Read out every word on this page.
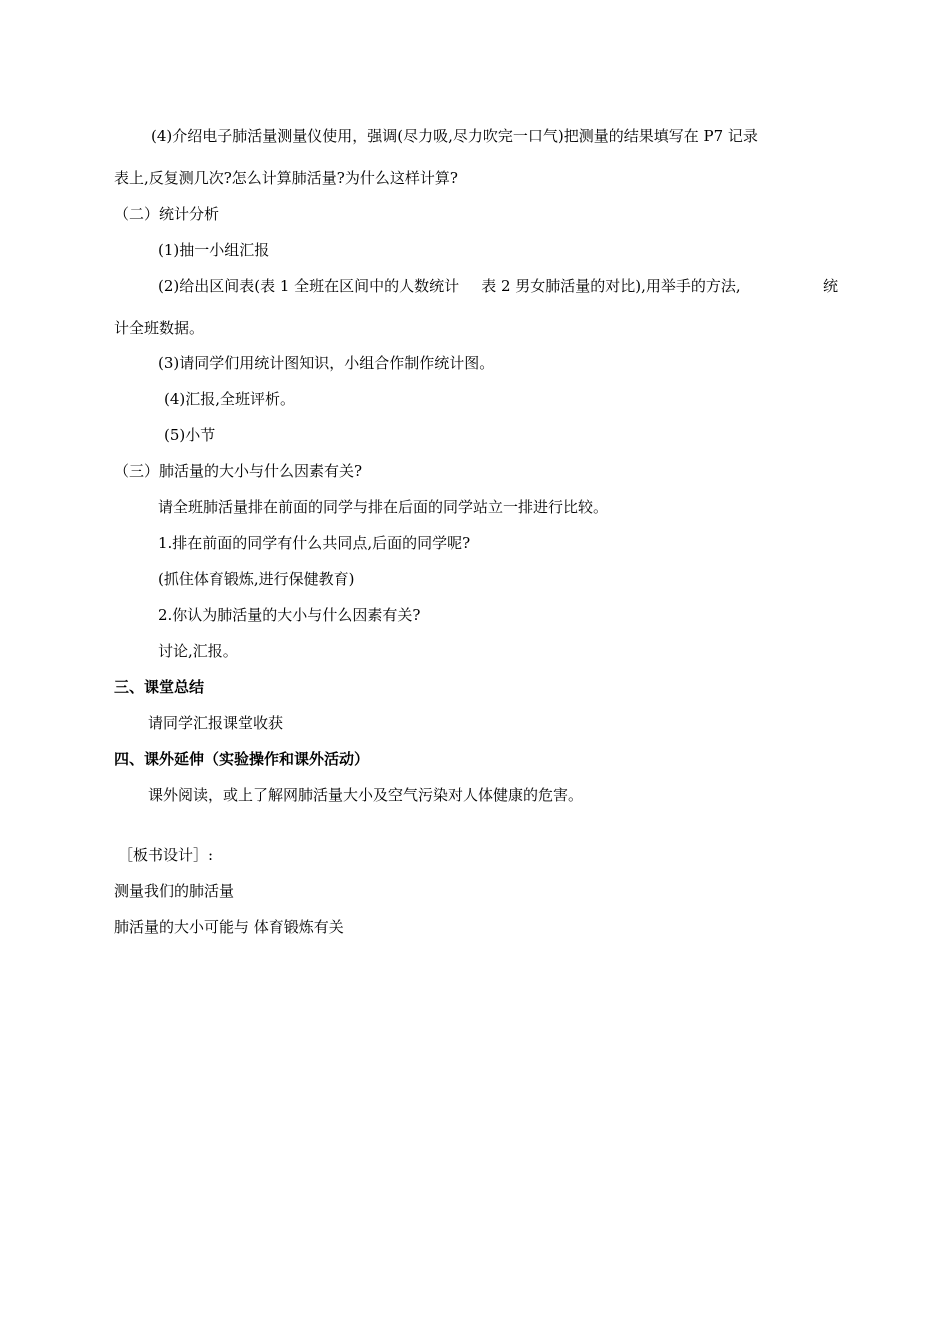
(4)介绍电子肺活量测量仪使用，强调(尽力吸,尽力吹完一口气)把测量的结果填写在 P7 记录
表上,反复测几次?怎么计算肺活量?为什么这样计算?
（二）统计分析
(1)抽一小组汇报
(2)给出区间表(表 1 全班在区间中的人数统计 表 2 男女肺活量的对比),用举手的方法,	统
计全班数据。
(3)请同学们用统计图知识，小组合作制作统计图。
(4)汇报,全班评析。
(5)小节
（三）肺活量的大小与什么因素有关?
请全班肺活量排在前面的同学与排在后面的同学站立一排进行比较。
1.排在前面的同学有什么共同点,后面的同学呢?
(抓住体育锻炼,进行保健教育)
2.你认为肺活量的大小与什么因素有关?
讨论,汇报。
三、课堂总结
请同学汇报课堂收获
四、课外延伸（实验操作和课外活动）
课外阅读，或上了解网肺活量大小及空气污染对人体健康的危害。
［板书设计］:
测量我们的肺活量
肺活量的大小可能与 体育锻炼有关
